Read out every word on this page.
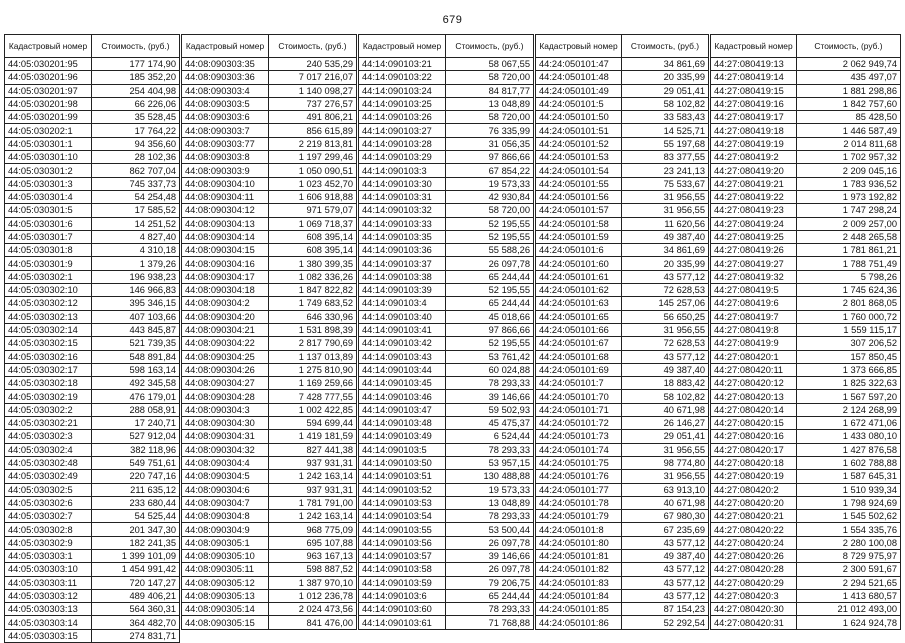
679
Кадастровый номер	Стоимость, (руб.)
44:05:030201:95	177 174,90
44:05:030201:96	185 352,20
44:05:030201:97	254 404,98
44:05:030201:98	66 226,06
44:05:030201:99	35 528,45
44:05:030202:1	17 764,22
44:05:030301:1	94 356,60
44:05:030301:10	28 102,36
44:05:030301:2	862 707,04
44:05:030301:3	745 337,73
44:05:030301:4	54 254,48
44:05:030301:5	17 585,52
44:05:030301:6	14 251,52
44:05:030301:7	4 827,40
44:05:030301:8	4 310,18
44:05:030301:9	1 379,26
44:05:030302:1	196 938,23
44:05:030302:10	146 966,83
44:05:030302:12	395 346,15
44:05:030302:13	407 103,66
44:05:030302:14	443 845,87
44:05:030302:15	521 739,35
44:05:030302:16	548 891,84
44:05:030302:17	598 163,14
44:05:030302:18	492 345,58
44:05:030302:19	476 179,01
44:05:030302:2	288 058,91
44:05:030302:21	17 240,71
44:05:030302:3	527 912,04
44:05:030302:4	382 118,96
44:05:030302:48	549 751,61
44:05:030302:49	220 747,16
44:05:030302:5	211 635,12
44:05:030302:6	233 680,44
44:05:030302:7	54 525,44
44:05:030302:8	201 347,30
44:05:030302:9	182 241,35
44:05:030303:1	1 399 101,09
44:05:030303:10	1 454 991,42
44:05:030303:11	720 147,27
44:05:030303:12	489 406,21
44:05:030303:13	564 360,31
44:05:030303:14	364 482,70
44:05:030303:15	274 831,71
Кадастровый номер	Стоимость, (руб.)
44:08:090303:35	240 535,29
44:08:090303:36	7 017 216,07
44:08:090303:4	1 140 098,27
44:08:090303:5	737 276,57
44:08:090303:6	491 806,21
44:08:090303:7	856 615,89
44:08:090303:77	2 219 813,81
44:08:090303:8	1 197 299,46
44:08:090303:9	1 050 090,51
44:08:090304:10	1 023 452,70
44:08:090304:11	1 606 918,88
44:08:090304:12	971 579,07
44:08:090304:13	1 069 718,37
44:08:090304:14	608 395,14
44:08:090304:15	608 395,14
44:08:090304:16	1 380 399,35
44:08:090304:17	1 082 336,26
44:08:090304:18	1 847 822,82
44:08:090304:2	1 749 683,52
44:08:090304:20	646 330,96
44:08:090304:21	1 531 898,39
44:08:090304:22	2 817 790,69
44:08:090304:25	1 137 013,89
44:08:090304:26	1 275 810,90
44:08:090304:27	1 169 259,66
44:08:090304:28	7 428 777,55
44:08:090304:3	1 002 422,85
44:08:090304:30	594 699,44
44:08:090304:31	1 419 181,59
44:08:090304:32	827 441,38
44:08:090304:4	937 931,31
44:08:090304:5	1 242 163,14
44:08:090304:6	937 931,31
44:08:090304:7	1 781 791,00
44:08:090304:8	1 242 163,14
44:08:090304:9	968 775,09
44:08:090305:1	695 107,88
44:08:090305:10	963 167,13
44:08:090305:11	598 887,52
44:08:090305:12	1 387 970,10
44:08:090305:13	1 012 236,78
44:08:090305:14	2 024 473,56
44:08:090305:15	841 476,00
Кадастровый номер	Стоимость, (руб.)
44:14:090103:21	58 067,55
44:14:090103:22	58 720,00
44:14:090103:24	84 817,77
44:14:090103:25	13 048,89
44:14:090103:26	58 720,00
44:14:090103:27	76 335,99
44:14:090103:28	31 056,35
44:14:090103:29	97 866,66
44:14:090103:3	67 854,22
44:14:090103:30	19 573,33
44:14:090103:31	42 930,84
44:14:090103:32	58 720,00
44:14:090103:33	52 195,55
44:14:090103:35	52 195,55
44:14:090103:36	55 588,26
44:14:090103:37	26 097,78
44:14:090103:38	65 244,44
44:14:090103:39	52 195,55
44:14:090103:4	65 244,44
44:14:090103:40	45 018,66
44:14:090103:41	97 866,66
44:14:090103:42	52 195,55
44:14:090103:43	53 761,42
44:14:090103:44	60 024,88
44:14:090103:45	78 293,33
44:14:090103:46	39 146,66
44:14:090103:47	59 502,93
44:14:090103:48	45 475,37
44:14:090103:49	6 524,44
44:14:090103:5	78 293,33
44:14:090103:50	53 957,15
44:14:090103:51	130 488,88
44:14:090103:52	19 573,33
44:14:090103:53	13 048,89
44:14:090103:54	78 293,33
44:14:090103:55	53 500,44
44:14:090103:56	26 097,78
44:14:090103:57	39 146,66
44:14:090103:58	26 097,78
44:14:090103:59	79 206,75
44:14:090103:6	65 244,44
44:14:090103:60	78 293,33
44:14:090103:61	71 768,88
Кадастровый номер	Стоимость, (руб.)
44:24:050101:47	34 861,69
44:24:050101:48	20 335,99
44:24:050101:49	29 051,41
44:24:050101:5	58 102,82
44:24:050101:50	33 583,43
44:24:050101:51	14 525,71
44:24:050101:52	55 197,68
44:24:050101:53	83 377,55
44:24:050101:54	23 241,13
44:24:050101:55	75 533,67
44:24:050101:56	31 956,55
44:24:050101:57	31 956,55
44:24:050101:58	11 620,56
44:24:050101:59	49 387,40
44:24:050101:6	34 861,69
44:24:050101:60	20 335,99
44:24:050101:61	43 577,12
44:24:050101:62	72 628,53
44:24:050101:63	145 257,06
44:24:050101:65	56 650,25
44:24:050101:66	31 956,55
44:24:050101:67	72 628,53
44:24:050101:68	43 577,12
44:24:050101:69	49 387,40
44:24:050101:7	18 883,42
44:24:050101:70	58 102,82
44:24:050101:71	40 671,98
44:24:050101:72	26 146,27
44:24:050101:73	29 051,41
44:24:050101:74	31 956,55
44:24:050101:75	98 774,80
44:24:050101:76	31 956,55
44:24:050101:77	63 913,10
44:24:050101:78	40 671,98
44:24:050101:79	67 980,30
44:24:050101:8	67 235,69
44:24:050101:80	43 577,12
44:24:050101:81	49 387,40
44:24:050101:82	43 577,12
44:24:050101:83	43 577,12
44:24:050101:84	43 577,12
44:24:050101:85	87 154,23
44:24:050101:86	52 292,54
Кадастровый номер	Стоимость, (руб.)
44:27:080419:13	2 062 949,74
44:27:080419:14	435 497,07
44:27:080419:15	1 881 298,86
44:27:080419:16	1 842 757,60
44:27:080419:17	85 428,50
44:27:080419:18	1 446 587,49
44:27:080419:19	2 014 811,68
44:27:080419:2	1 702 957,32
44:27:080419:20	2 209 045,16
44:27:080419:21	1 783 936,52
44:27:080419:22	1 973 192,82
44:27:080419:23	1 747 298,24
44:27:080419:24	2 009 257,00
44:27:080419:25	2 448 265,58
44:27:080419:26	1 781 861,21
44:27:080419:27	1 788 751,49
44:27:080419:32	5 798,26
44:27:080419:5	1 745 624,36
44:27:080419:6	2 801 868,05
44:27:080419:7	1 760 000,72
44:27:080419:8	1 559 115,17
44:27:080419:9	307 206,52
44:27:080420:1	157 850,45
44:27:080420:11	1 373 666,85
44:27:080420:12	1 825 322,63
44:27:080420:13	1 567 597,20
44:27:080420:14	2 124 268,99
44:27:080420:15	1 672 471,06
44:27:080420:16	1 433 080,10
44:27:080420:17	1 427 876,58
44:27:080420:18	1 602 788,88
44:27:080420:19	1 587 645,31
44:27:080420:2	1 510 939,34
44:27:080420:20	1 798 924,69
44:27:080420:21	1 545 502,62
44:27:080420:22	1 554 335,76
44:27:080420:24	2 280 100,08
44:27:080420:26	8 729 975,97
44:27:080420:28	2 300 591,67
44:27:080420:29	2 294 521,65
44:27:080420:3	1 413 680,57
44:27:080420:30	21 012 493,00
44:27:080420:31	1 624 924,78
